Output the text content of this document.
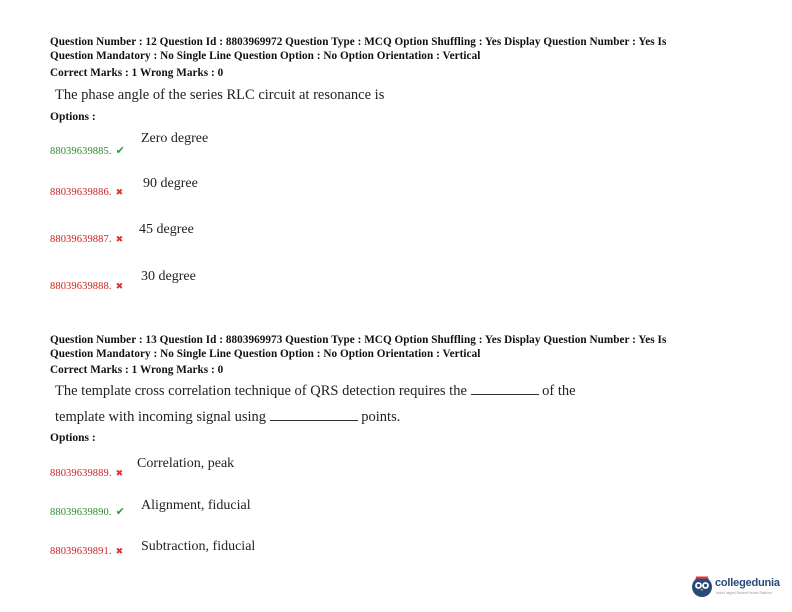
Question Number : 12 Question Id : 8803969972 Question Type : MCQ Option Shuffling : Yes Display Question Number : Yes Is
Question Mandatory : No Single Line Question Option : No Option Orientation : Vertical
Correct Marks : 1 Wrong Marks : 0
The phase angle of the series RLC circuit at resonance is
Options :
88039639885. ✔
Zero degree
88039639886. ✖
90 degree
88039639887. ✖
45 degree
88039639888. ✖
30 degree
Question Number : 13 Question Id : 8803969973 Question Type : MCQ Option Shuffling : Yes Display Question Number : Yes Is
Question Mandatory : No Single Line Question Option : No Option Orientation : Vertical
Correct Marks : 1 Wrong Marks : 0
The template cross correlation technique of QRS detection requires the	of the
template with incoming signal using	points.
Options :
88039639889. ✖
Correlation, peak
88039639890. ✔ Alignment, fiducial
88039639891. ✖ Subtraction, fiducial
collegedunia
India's largest Student Review Platform
